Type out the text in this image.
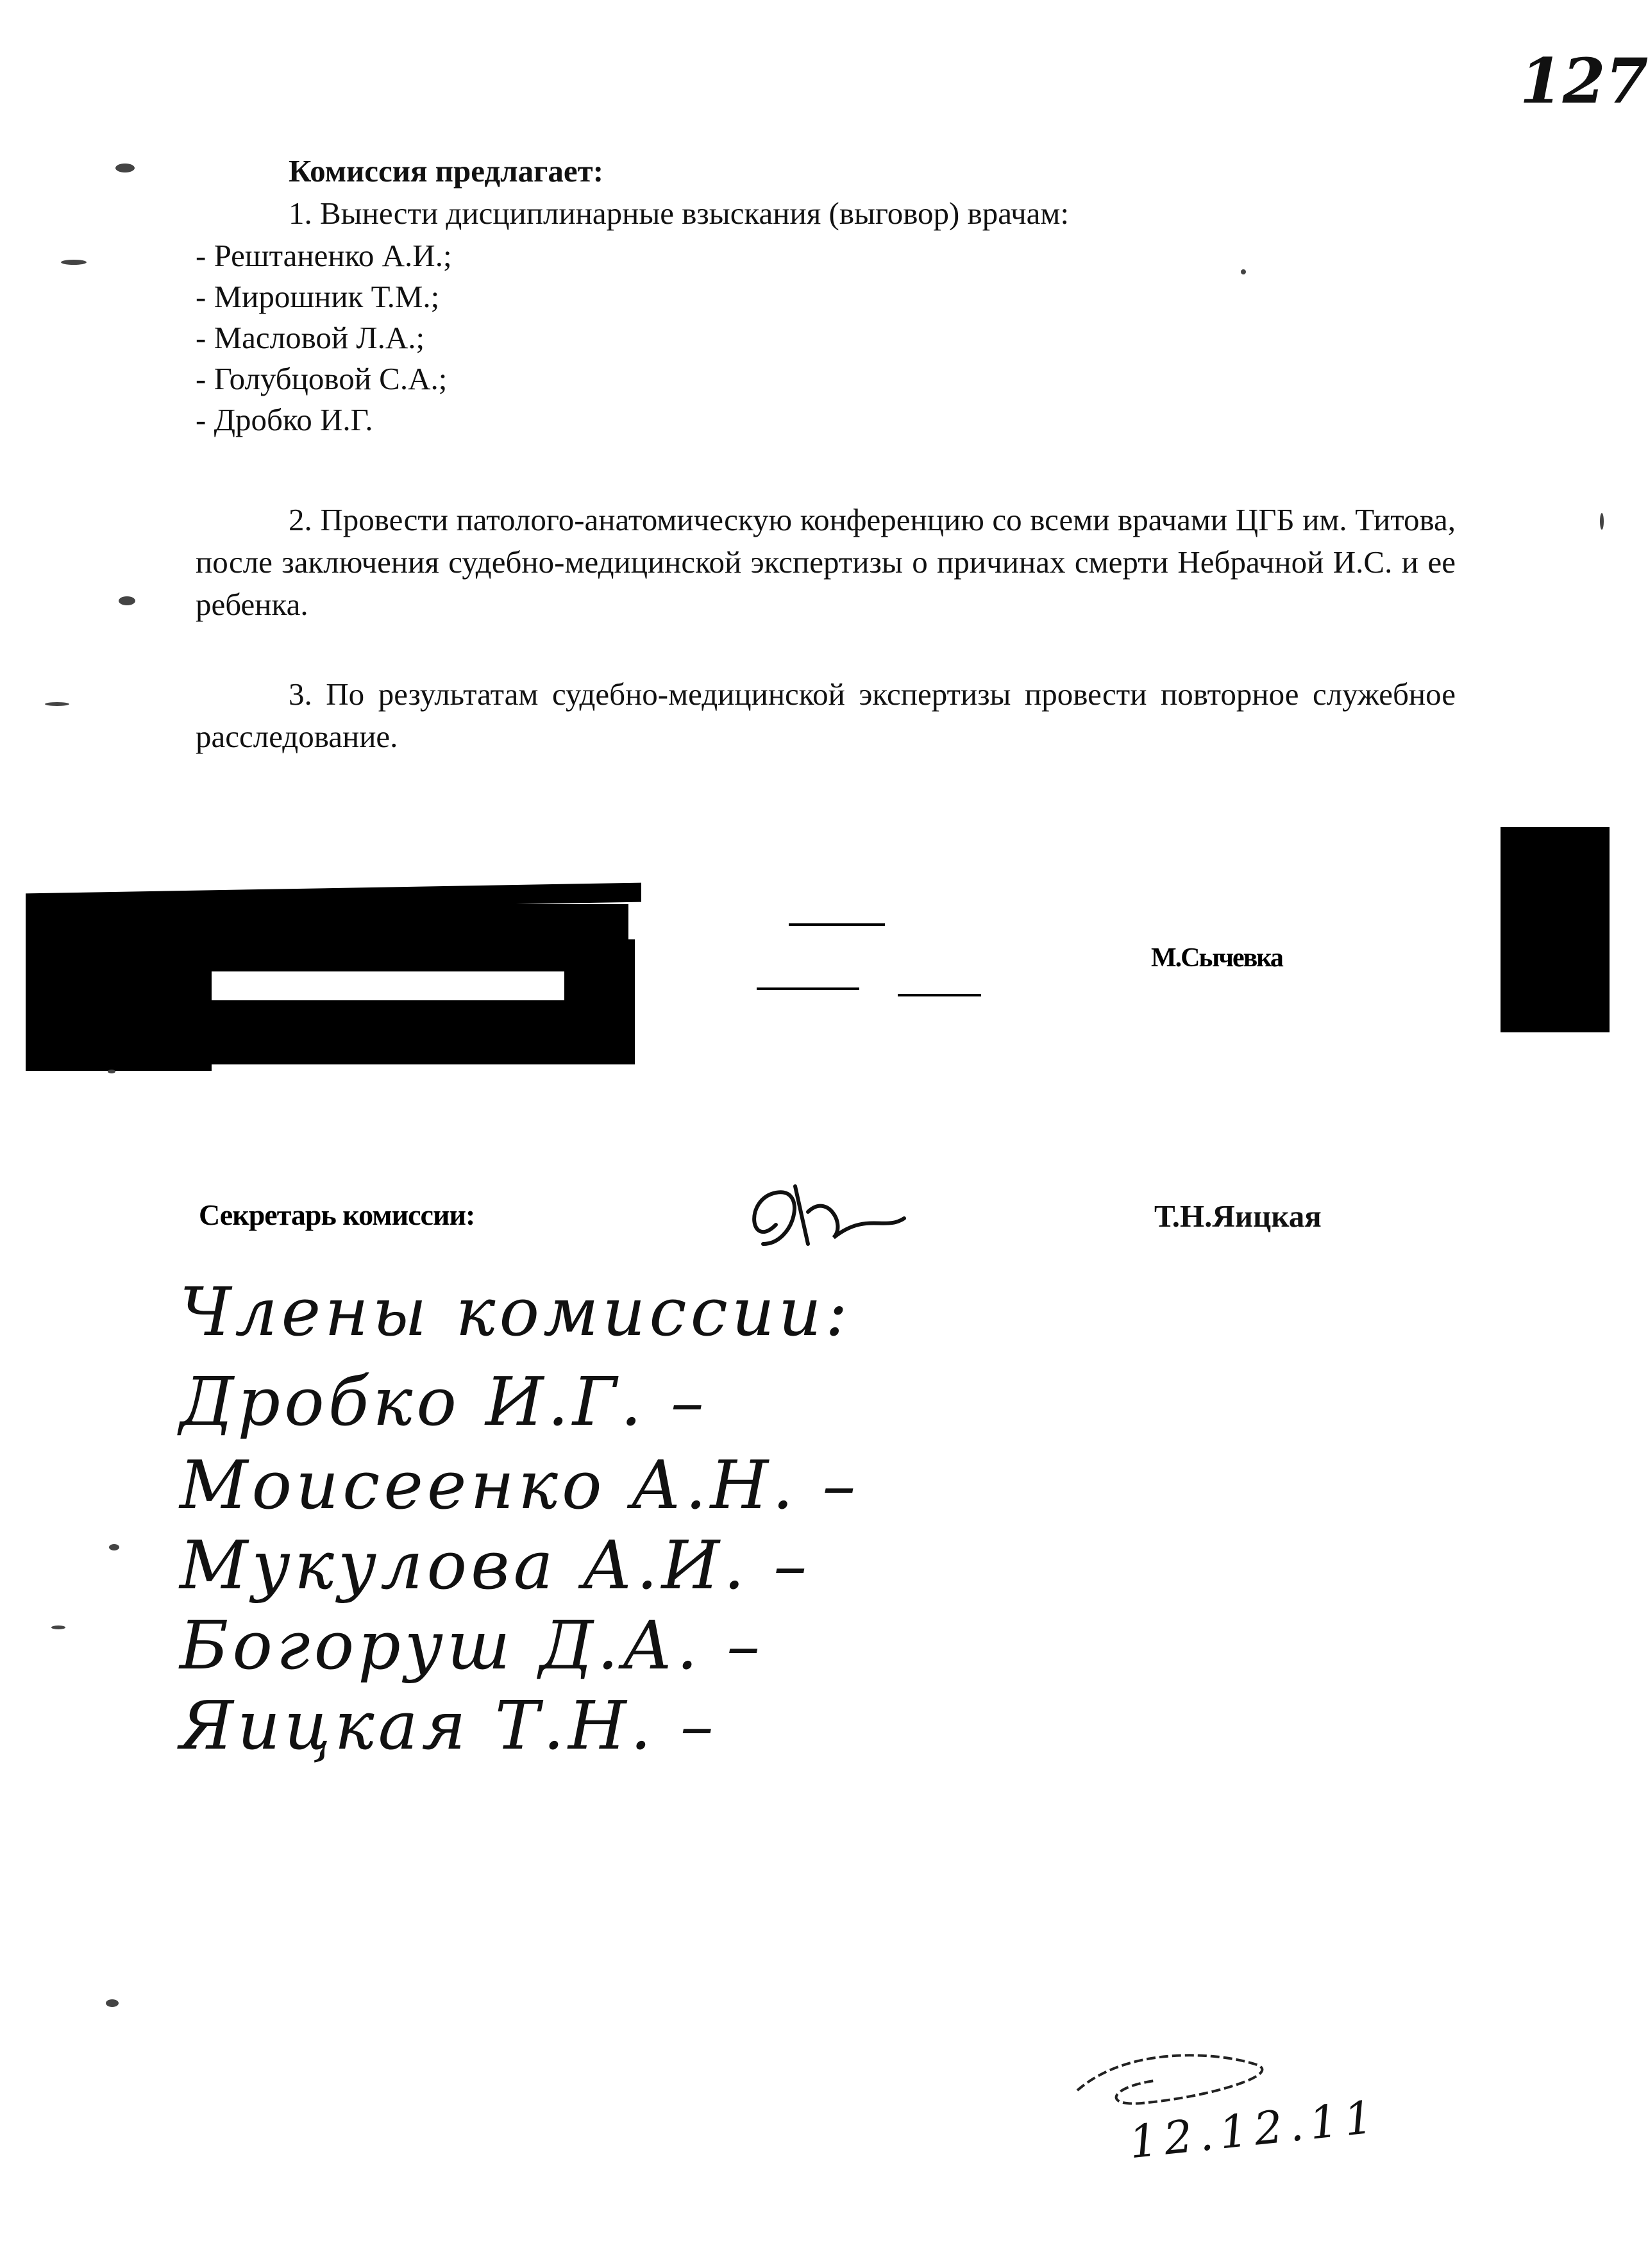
127
Комиссия предлагает:
1. Вынести дисциплинарные взыскания (выговор) врачам:
- Рештаненко А.И.;
- Мирошник Т.М.;
- Масловой Л.А.;
- Голубцовой С.А.;
- Дробко И.Г.
2. Провести патолого-анатомическую конференцию со всеми врачами ЦГБ им. Титова, после заключения судебно-медицинской экспертизы о причинах смерти Небрачной И.С. и ее ребенка.
3. По результатам судебно-медицинской экспертизы провести повторное служебное расследование.
М.Сычевка
Секретарь комиссии:	Т.Н.Яицкая
Члены комиссии:
Дробко И.Г. –
Моисеенко А.Н. –
Мукулова А.И. –
Богоруш Д.А. –
Яицкая Т.Н. –
12.12.11
